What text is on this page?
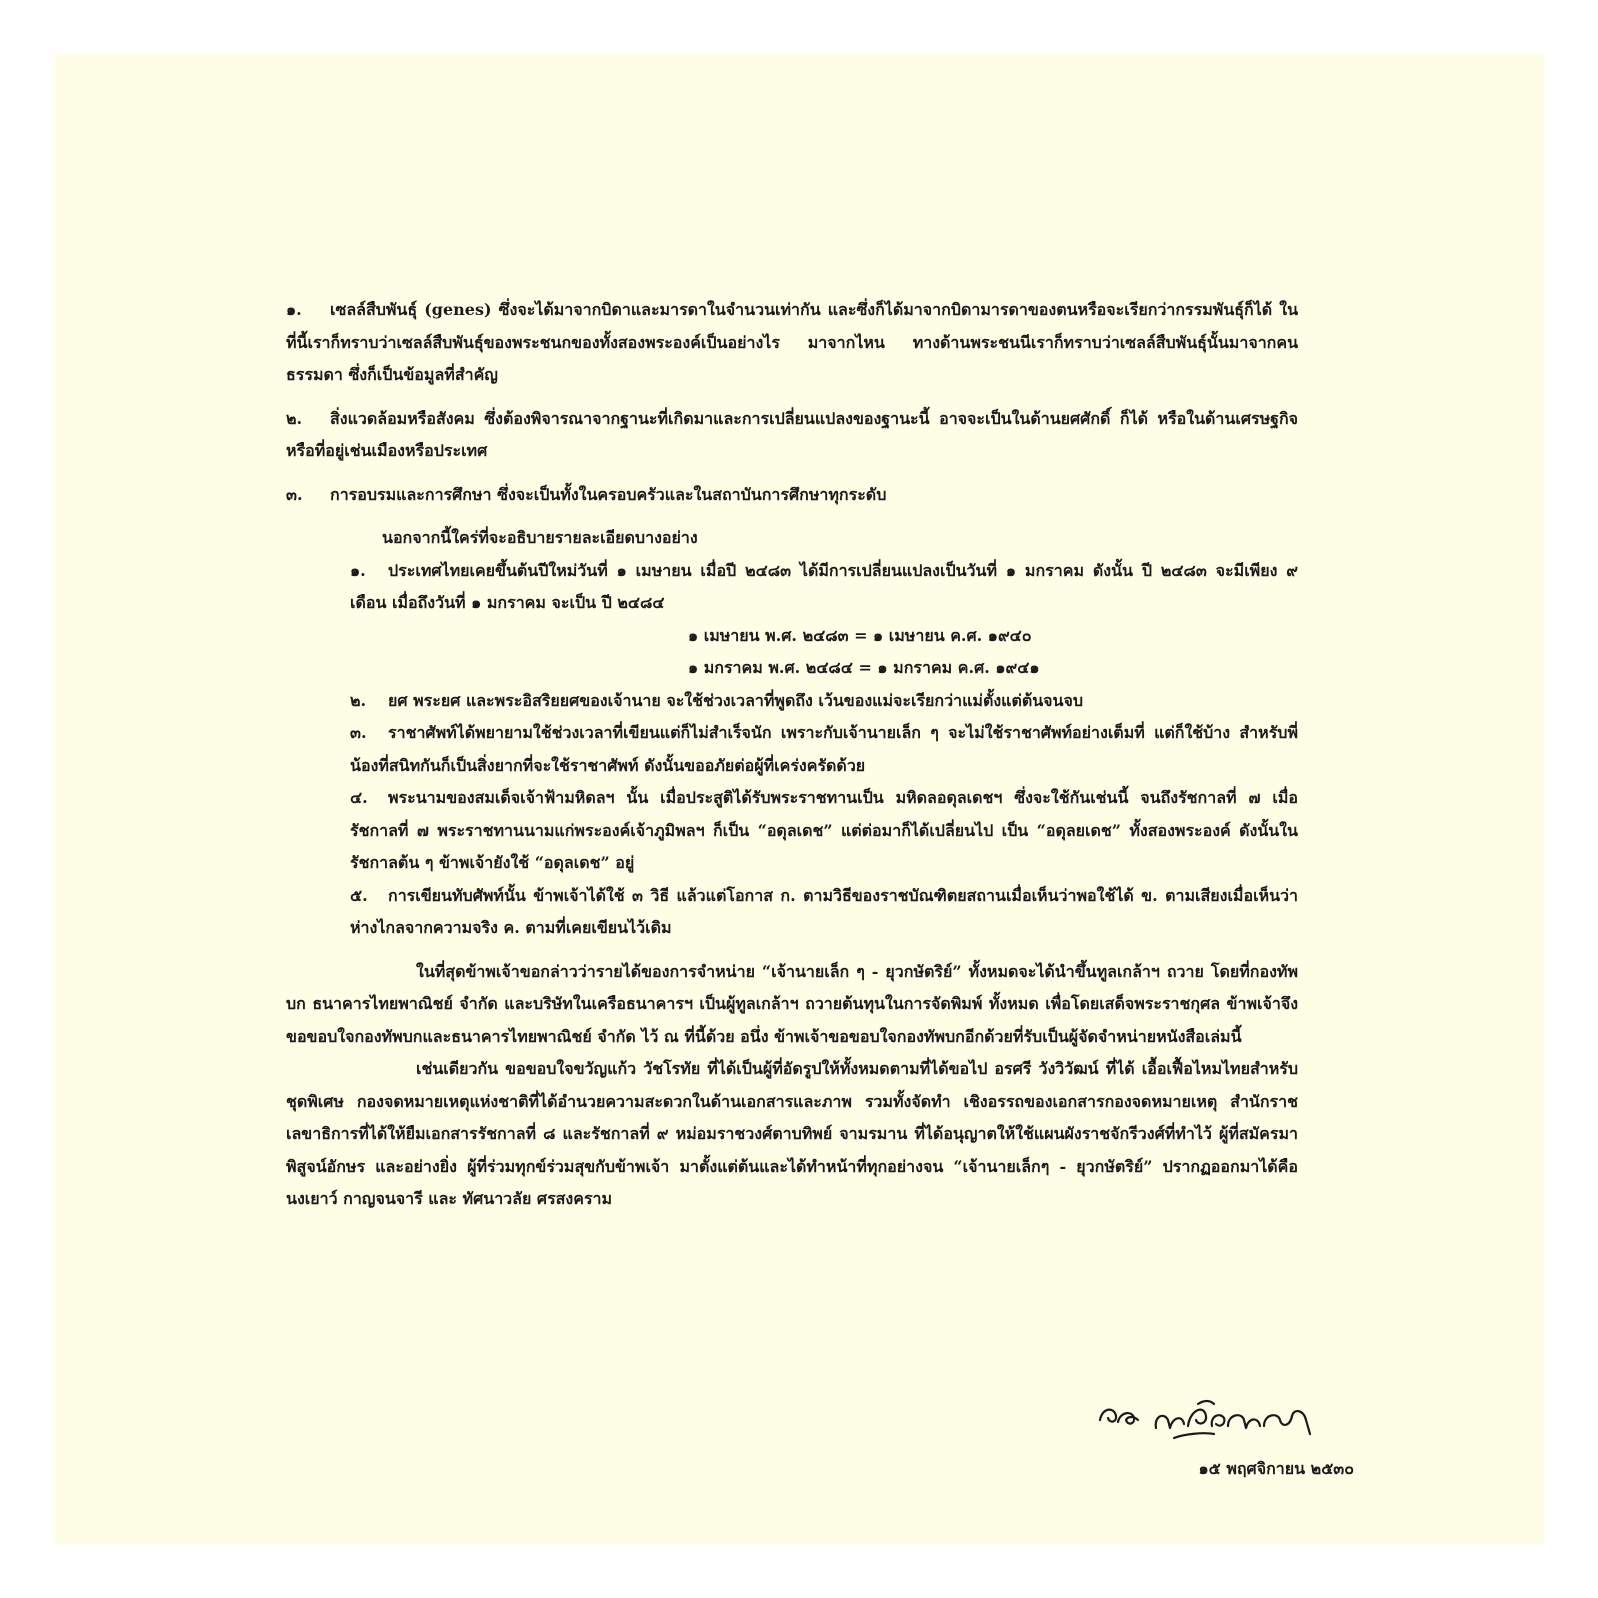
๑. เซลล์สืบพันธุ์ (genes) ซึ่งจะได้มาจากบิดาและมารดาในจำนวนเท่ากัน และซึ่งก็ได้มาจากบิดามารดาของตนหรือจะเรียกว่ากรรมพันธุ์ก็ได้ ในที่นี้เราก็ทราบว่าเซลล์สืบพันธุ์ของพระชนกของทั้งสองพระองค์เป็นอย่างไร มาจากไหน ทางด้านพระชนนีเราก็ทราบว่าเซลล์สืบพันธุ์นั้นมาจากคนธรรมดา ซึ่งก็เป็นข้อมูลที่สำคัญ

๒. สิ่งแวดล้อมหรือสังคม ซึ่งต้องพิจารณาจากฐานะที่เกิดมาและการเปลี่ยนแปลงของฐานะนี้ อาจจะเป็นในด้านยศศักดิ์ ก็ได้ หรือในด้านเศรษฐกิจ หรือที่อยู่เช่นเมืองหรือประเทศ

๓. การอบรมและการศึกษา ซึ่งจะเป็นทั้งในครอบครัวและในสถาบันการศึกษาทุกระดับ

นอกจากนี้ใคร่ที่จะอธิบายรายละเอียดบางอย่าง

๑. ประเทศไทยเคยขึ้นต้นปีใหม่วันที่ ๑ เมษายน เมื่อปี ๒๔๘๓ ได้มีการเปลี่ยนแปลงเป็นวันที่ ๑ มกราคม ดังนั้น ปี ๒๔๘๓ จะมีเพียง ๙ เดือน เมื่อถึงวันที่ ๑ มกราคม จะเป็น ปี ๒๔๘๔

๑ เมษายน พ.ศ. ๒๔๘๓ = ๑ เมษายน ค.ศ. ๑๙๔๐

๑ มกราคม พ.ศ. ๒๔๘๔ = ๑ มกราคม ค.ศ. ๑๙๔๑

๒. ยศ พระยศ และพระอิสริยยศของเจ้านาย จะใช้ช่วงเวลาที่พูดถึง เว้นของแม่จะเรียกว่าแม่ตั้งแต่ต้นจนจบ

๓. ราชาศัพท์ได้พยายามใช้ช่วงเวลาที่เขียนแต่ก็ไม่สำเร็จนัก เพราะกับเจ้านายเล็ก ๆ จะไม่ใช้ราชาศัพท์อย่างเต็มที่ แต่ก็ใช้บ้าง สำหรับพี่น้องที่สนิทกันก็เป็นสิ่งยากที่จะใช้ราชาศัพท์ ดังนั้นขออภัยต่อผู้ที่เคร่งครัดด้วย

๔. พระนามของสมเด็จเจ้าฟ้ามหิดลฯ นั้น เมื่อประสูติได้รับพระราชทานเป็น มหิดลอดุลเดชฯ ซึ่งจะใช้กันเช่นนี้ จนถึงรัชกาลที่ ๗ เมื่อรัชกาลที่ ๗ พระราชทานนามแก่พระองค์เจ้าภูมิพลฯ ก็เป็น “อดุลเดช” แต่ต่อมาก็ได้เปลี่ยนไป เป็น “อดุลยเดช” ทั้งสองพระองค์ ดังนั้นในรัชกาลต้น ๆ ข้าพเจ้ายังใช้ “อดุลเดช” อยู่

๕. การเขียนทับศัพท์นั้น ข้าพเจ้าได้ใช้ ๓ วิธี แล้วแต่โอกาส ก. ตามวิธีของราชบัณฑิตยสถานเมื่อเห็นว่าพอใช้ได้ ข. ตามเสียงเมื่อเห็นว่าห่างไกลจากความจริง ค. ตามที่เคยเขียนไว้เดิม

ในที่สุดข้าพเจ้าขอกล่าวว่ารายได้ของการจำหน่าย “เจ้านายเล็ก ๆ - ยุวกษัตริย์” ทั้งหมดจะได้นำขึ้นทูลเกล้าฯ ถวาย โดยที่กองทัพบก ธนาคารไทยพาณิชย์ จำกัด และบริษัทในเครือธนาคารฯ เป็นผู้ทูลเกล้าฯ ถวายต้นทุนในการจัดพิมพ์ ทั้งหมด เพื่อโดยเสด็จพระราชกุศล ข้าพเจ้าจึงขอขอบใจกองทัพบกและธนาคารไทยพาณิชย์ จำกัด ไว้ ณ ที่นี้ด้วย อนึ่ง ข้าพเจ้าขอขอบใจกองทัพบกอีกด้วยที่รับเป็นผู้จัดจำหน่ายหนังสือเล่มนี้

เช่นเดียวกัน ขอขอบใจขวัญแก้ว วัชโรทัย ที่ได้เป็นผู้ที่อัดรูปให้ทั้งหมดตามที่ได้ขอไป อรศรี วังวิวัฒน์ ที่ได้ เอื้อเฟื้อไหมไทยสำหรับชุดพิเศษ กองจดหมายเหตุแห่งชาติที่ได้อำนวยความสะดวกในด้านเอกสารและภาพ รวมทั้งจัดทำ เชิงอรรถของเอกสารกองจดหมายเหตุ สำนักราชเลขาธิการที่ได้ให้ยืมเอกสารรัชกาลที่ ๘ และรัชกาลที่ ๙ หม่อมราชวงศ์ตาบทิพย์ จามรมาน ที่ได้อนุญาตให้ใช้แผนผังราชจักรีวงศ์ที่ทำไว้ ผู้ที่สมัครมาพิสูจน์อักษร และอย่างยิ่ง ผู้ที่ร่วมทุกข์ร่วมสุขกับข้าพเจ้า มาตั้งแต่ต้นและได้ทำหน้าที่ทุกอย่างจน “เจ้านายเล็กๆ - ยุวกษัตริย์” ปรากฏออกมาได้คือ นงเยาว์ กาญจนจารี และ ทัศนาวลัย ศรสงคราม

๑๕ พฤศจิกายน ๒๕๓๐
